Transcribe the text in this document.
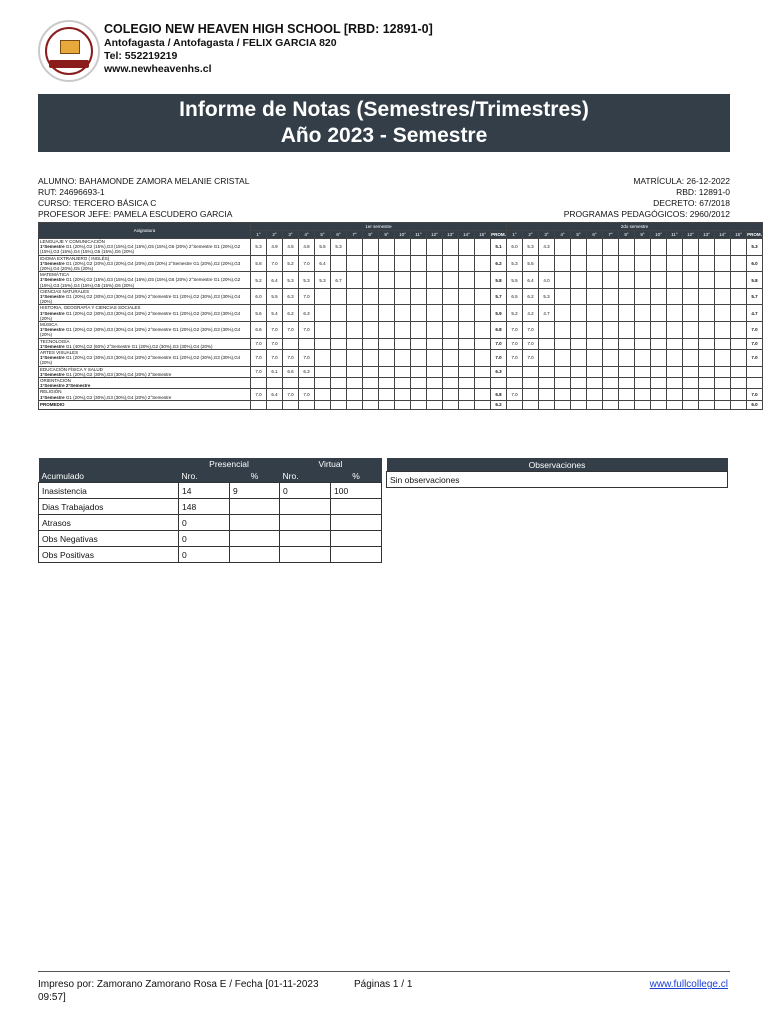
COLEGIO NEW HEAVEN HIGH SCHOOL [RBD: 12891-0]
Antofagasta / Antofagasta / FELIX GARCIA 820
Tel: 552219219
www.newheavenhs.cl
Informe de Notas (Semestres/Trimestres)
Año 2023 - Semestre
ALUMNO: BAHAMONDE ZAMORA MELANIE CRISTAL
RUT: 24696693-1
CURSO: TERCERO BÁSICA C
PROFESOR JEFE: PAMELA ESCUDERO GARCIA
MATRÍCULA: 26-12-2022
RBD: 12891-0
DECRETO: 67/2018
PROGRAMAS PEDAGÓGICOS: 2960/2012
Asignatura	1er semestre																2do semestre															
	1°	2°	3°	4°	5°	6°	7°	8°	9°	10°	11°	12°	13°	14°	15°	PROM.	1°	2°	3°	4°	5°	6°	7°	8°	9°	10°	11°	12°	13°	14°	15°	PROM.

LENGUAJE Y COMUNICACIÓN
1°Semestre G1 (20%),G2 (15%),G3 (15%),G4 (15%),G5 (15%),G6 (20%) 2°Semestre G1 (20%),G2 (15%),G3 (15%),G4 (15%),G5 (15%),G6 (20%)	5.3	4.9	4.5	4.8	5.5	5.3										5.1	6.0	5.3	4.3													5.3

IDIOMA EXTRANJERO ( INGLÉS)
1°Semestre G1 (20%),G2 (20%),G3 (20%),G4 (20%),G5 (20%) 2°Semestre G1 (20%),G2 (20%),G3 (20%),G4 (20%),G5 (20%)	5.8	7.0	5.2	7.0	6.4											6.2	5.3	5.5														6.0

MATEMÁTICA
1°Semestre G1 (20%),G2 (15%),G3 (15%),G4 (15%),G5 (15%),G6 (20%) 2°Semestre G1 (20%),G2 (15%),G3 (15%),G4 (15%),G5 (15%),G6 (20%)	5.2	6.4	5.3	5.3	5.3	6.7										5.8	5.5	6.4	4.0													5.8

CIENCIAS NATURALES
1°Semestre G1 (20%),G2 (30%),G3 (30%),G4 (20%) 2°Semestre G1 (20%),G2 (30%),G3 (30%),G4 (20%)	6.0	5.5	6.3	7.0												5.7	6.5	6.2	5.3													5.7

HISTORIA, GEOGRAFÍA Y CIENCIAS SOCIALES
1°Semestre G1 (20%),G2 (30%),G3 (30%),G4 (20%) 2°Semestre G1 (20%),G2 (30%),G3 (30%),G4 (20%)	5.6	5.4	6.2	6.3												5.9	5.2	4.2	4.7													4.7

MÚSICA
1°Semestre G1 (20%),G2 (30%),G3 (30%),G4 (20%) 2°Semestre G1 (20%),G2 (30%),G3 (30%),G4 (20%)	6.6	7.0	7.0	7.0												6.8	7.0	7.0														7.0

TECNOLOGÍA
1°Semestre G1 (40%),G2 (60%) 2°Semestre G1 (20%),G2 (30%),G3 (30%),G4 (20%)	7.0	7.0														7.0	7.0	7.0														7.0

ARTES VISUALES
1°Semestre G1 (20%),G2 (30%),G3 (30%),G4 (20%) 2°Semestre G1 (20%),G2 (30%),G3 (30%),G4 (20%)	7.0	7.0	7.0	7.0												7.0	7.0	7.0														7.0

EDUCACIÓN FÍSICA Y SALUD
1°Semestre G1 (20%),G2 (30%),G3 (30%),G4 (20%) 2°Semestre	7.0	6.1	6.6	6.3												6.3																

ORIENTACIÓN
1°Semestre 2°Semestre																																

RELIGIÓN
1°Semestre G1 (20%),G2 (30%),G3 (30%),G4 (20%) 2°Semestre	7.0	6.4	7.0	7.0												6.8	7.0															7.0
PROMEDIO																6.2																6.0
	Presencial		Virtual	
Acumulado	Nro.	%	Nro.	%
Inasistencia	14	9	0	100
Dias Trabajados	148			
Atrasos	0			
Obs Negativas	0			
Obs Positivas	0			
Observaciones
Sin observaciones
Impreso por: Zamorano Zamorano Rosa E / Fecha [01-11-2023 09:57]
Páginas 1 / 1	www.fullcollege.cl
